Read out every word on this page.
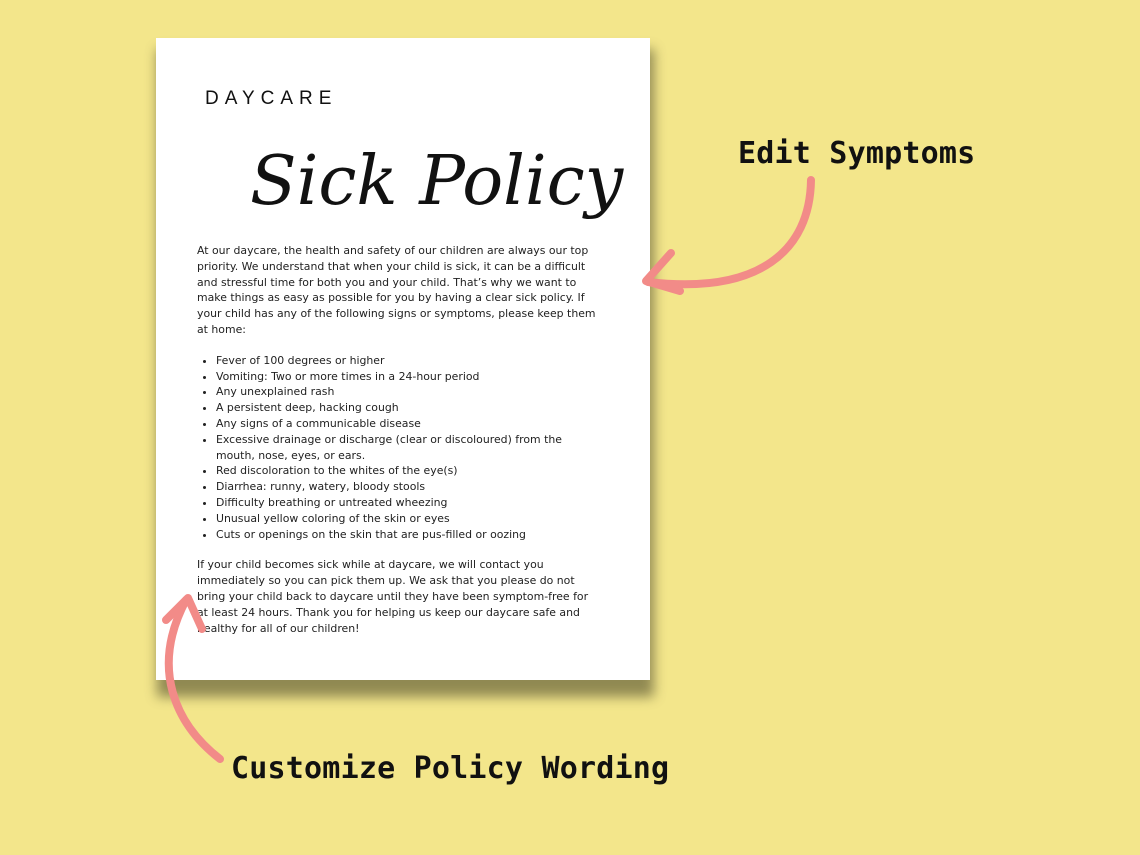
DAYCARE
Sick Policy

At our daycare, the health and safety of our children are always our top priority. We understand that when your child is sick, it can be a difficult and stressful time for both you and your child. That’s why we want to make things as easy as possible for you by having a clear sick policy. If your child has any of the following signs or symptoms, please keep them at home:

• Fever of 100 degrees or higher
• Vomiting: Two or more times in a 24-hour period
• Any unexplained rash
• A persistent deep, hacking cough
• Any signs of a communicable disease
• Excessive drainage or discharge (clear or discoloured) from the mouth, nose, eyes, or ears.
• Red discoloration to the whites of the eye(s)
• Diarrhea: runny, watery, bloody stools
• Difficulty breathing or untreated wheezing
• Unusual yellow coloring of the skin or eyes
• Cuts or openings on the skin that are pus-filled or oozing

If your child becomes sick while at daycare, we will contact you immediately so you can pick them up. We ask that you please do not bring your child back to daycare until they have been symptom-free for at least 24 hours. Thank you for helping us keep our daycare safe and healthy for all of our children!

Edit Symptoms
Customize Policy Wording
